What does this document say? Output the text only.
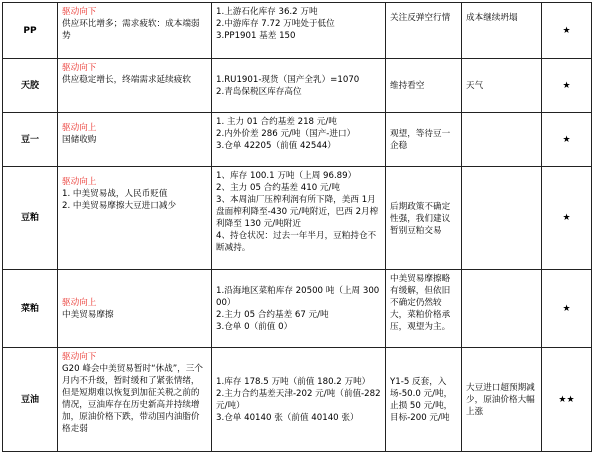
PP	驱动向下
供应环比增多；需求疲软：成本端弱势	1.上游石化库存 36.2 万吨
2.中游库存 7.72 万吨处于低位
3.PP1901 基差 150	关注反弹空行情	成本继续坍塌	★
天胶	驱动向下
供应稳定增长，终端需求延续疲软	1.RU1901-现货（国产全乳）=1070
2.青岛保税区库存高位	维持看空	天气	★
豆一	驱动向上
国储收购	1. 主力 01 合约基差 218 元/吨
2.内外价差 286 元/吨（国产-进口）
3.仓单 42205（前值 42544）	观望，等待豆一企稳		★
豆粕	驱动向上
1. 中美贸易战，人民币贬值
2. 中美贸易摩擦大豆进口减少	1、库存 100.1 万吨（上周 96.89）
2、主力 05 合约基差 410 元/吨
3、本周油厂压榨利润有所下降，美西 1月盘面榨利降至-430 元/吨附近，巴西 2月榨利降至 130 元/吨附近
4、持仓状况：过去一年半月，豆粕持仓不断减持。	后期政策不确定性强，我们建议暂别豆粕交易		★
菜粕	驱动向上
中美贸易摩擦	1.沿海地区菜粕库存 20500 吨（上周 30000）
2.主力 05 合约基差 67 元/吨
3.仓单 0（前值 0）	中美贸易摩擦略有缓解，但依旧不确定仍然较大，菜粕价格承压，观望为主。		★
豆油	驱动向下
G20 峰会中美贸易暂时“休战”，三个月内不升级，暂时缓和了紧张情绪，但是短期难以恢复到加征关税之前的情况，豆油库存在历史新高并持续增加，原油价格下跌，带动国内油脂价格走弱	1.库存 178.5 万吨（前值 180.2 万吨）
2.主力合约基差天津-202 元/吨（前值-282 元/吨）
3.仓单 40140 张（前值 40140 张）	Y1-5 反套，入场-50.0 元/吨，止损 50 元/吨，目标-200 元/吨	大豆进口超预期减少，原油价格大幅上涨	★★
